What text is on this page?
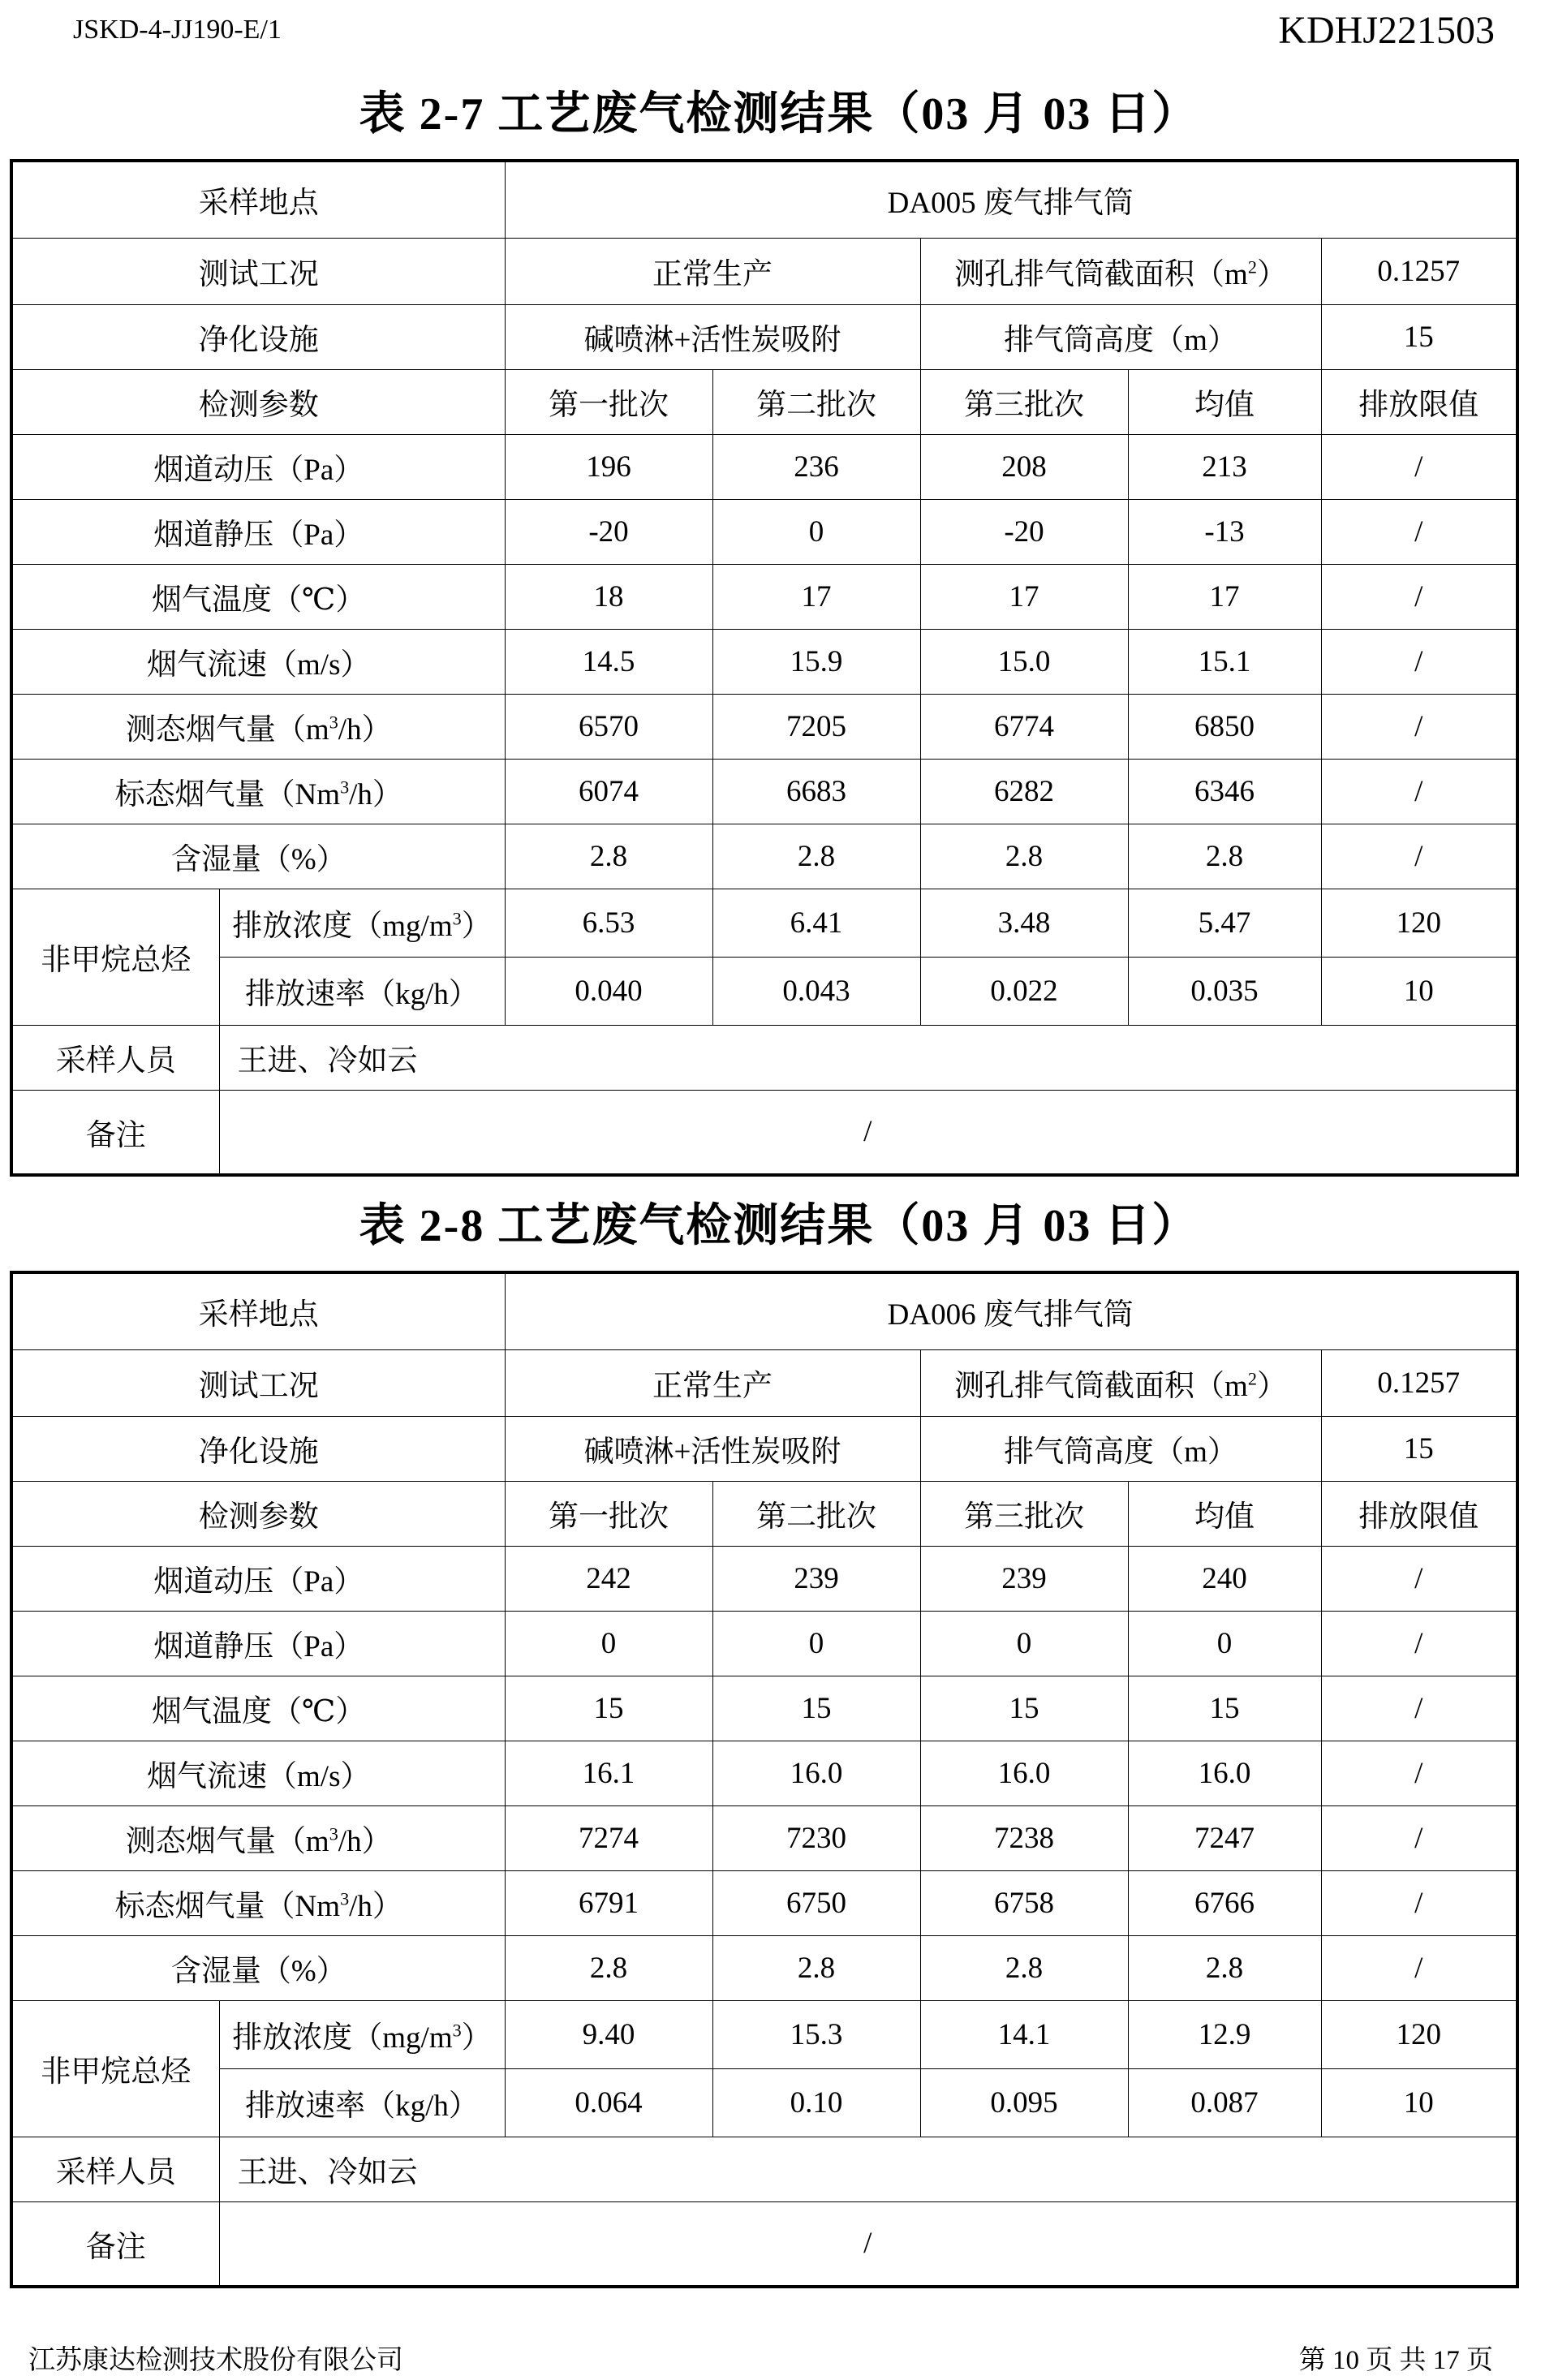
JSKD-4-JJ190-E/1	KDHJ221503
表 2-7 工艺废气检测结果（03 月 03 日）
采样地点		DA005 废气排气筒				
测试工况		正常生产		测孔排气筒截面积$(m^2)$		0.1257
净化设施		碱喷淋+活性炭吸附		排气筒高度（m）		15
检测参数		第一批次	第二批次	第三批次	均值	排放限值
烟道动压（Pa）		196	236	208	213	/
烟道静压（Pa）		-20	0	-20	-13	/
烟气温度（℃）		18	17	17	17	/
烟气流速（m/s）		14.5	15.9	15.0	15.1	/
测态烟气量$(m^3/h)$		6570	7205	6774	6850	/
标态烟气量（Nm$^3$/h）		6074	6683	6282	6346	/
含湿量（%）		2.8	2.8	2.8	2.8	/
非甲烷总烃	排放浓度$(mg/m^3)$	6.53	6.41	3.48	5.47	120
	排放速率（kg/h）	0.040	0.043	0.022	0.035	10
采样人员	王进、冷如云					
备注	/					
表 2-8 工艺废气检测结果（03 月 03 日）
采样地点		DA006 废气排气筒				
测试工况		正常生产		测孔排气筒截面积$(m^2)$		0.1257
净化设施		碱喷淋+活性炭吸附		排气筒高度（m）		15
检测参数		第一批次	第二批次	第三批次	均值	排放限值
烟道动压（Pa）		242	239	239	240	/
烟道静压（Pa）		0	0	0	0	/
烟气温度（℃）		15	15	15	15	/
烟气流速（m/s）		16.1	16.0	16.0	16.0	/
测态烟气量$(m^3/h)$		7274	7230	7238	7247	/
标态烟气量（Nm$^3$/h）		6791	6750	6758	6766	/
含湿量（%）		2.8	2.8	2.8	2.8	/
非甲烷总烃	排放浓度$(mg/m^3)$	9.40	15.3	14.1	12.9	120
	排放速率（kg/h）	0.064	0.10	0.095	0.087	10
采样人员	王进、冷如云					
备注	/					
江苏康达检测技术股份有限公司	第 10 页 共 17 页
